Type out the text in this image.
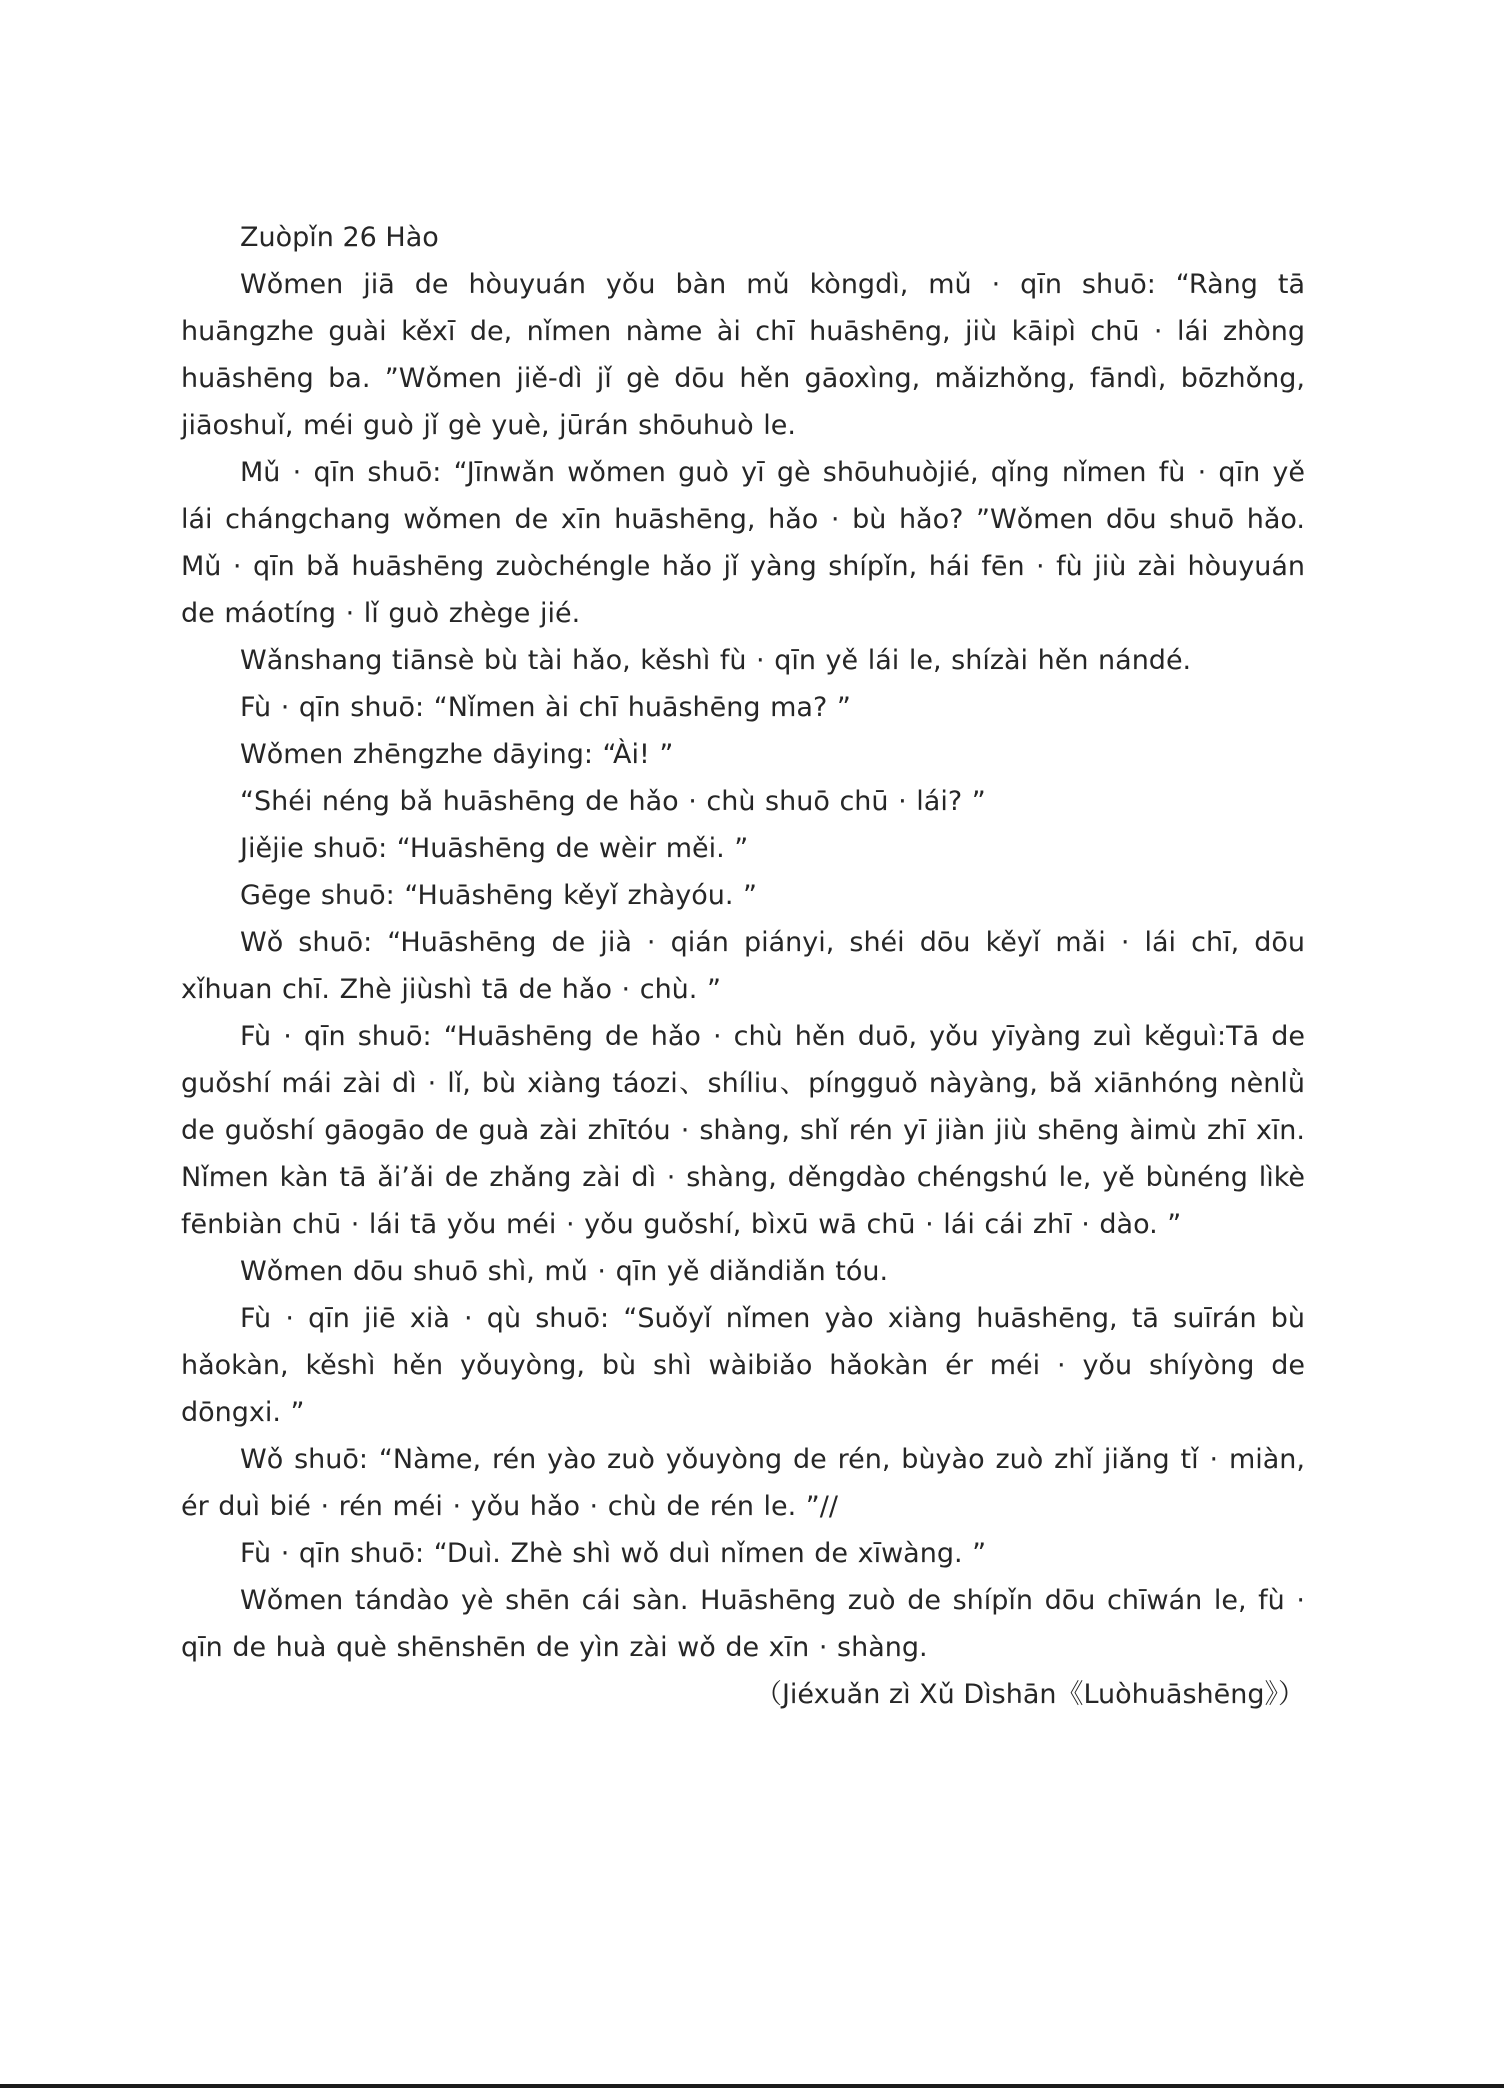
Zuòpǐn 26 Hào

Wǒmen jiā de hòuyuán yǒu bàn mǔ kòngdì, mǔ · qīn shuō: “Ràng tā huāngzhe guài kěxī de, nǐmen nàme ài chī huāshēng, jiù kāipì chū · lái zhòng huāshēng ba. ”Wǒmen jiě-dì jǐ gè dōu hěn gāoxìng, mǎizhǒng, fāndì, bōzhǒng, jiāoshuǐ, méi guò jǐ gè yuè, jūrán shōuhuò le.

Mǔ · qīn shuō: “Jīnwǎn wǒmen guò yī gè shōuhuòjié, qǐng nǐmen fù · qīn yě lái chángchang wǒmen de xīn huāshēng, hǎo · bù hǎo? ”Wǒmen dōu shuō hǎo. Mǔ · qīn bǎ huāshēng zuòchéngle hǎo jǐ yàng shípǐn, hái fēn · fù jiù zài hòuyuán de máotíng · lǐ guò zhège jié.

Wǎnshang tiānsè bù tài hǎo, kěshì fù · qīn yě lái le, shízài hěn nándé.

Fù · qīn shuō: “Nǐmen ài chī huāshēng ma? ”

Wǒmen zhēngzhe dāying: “Ài! ”

“Shéi néng bǎ huāshēng de hǎo · chù shuō chū · lái? ”

Jiějie shuō: “Huāshēng de wèir měi. ”

Gēge shuō: “Huāshēng kěyǐ zhàyóu. ”

Wǒ shuō: “Huāshēng de jià · qián piányi, shéi dōu kěyǐ mǎi · lái chī, dōu xǐhuan chī. Zhè jiùshì tā de hǎo · chù. ”

Fù · qīn shuō: “Huāshēng de hǎo · chù hěn duō, yǒu yīyàng zuì kěguì:Tā de guǒshí mái zài dì · lǐ, bù xiàng táozi、shíliu、píngguǒ nàyàng, bǎ xiānhóng nènlǜ de guǒshí gāogāo de guà zài zhītóu · shàng, shǐ rén yī jiàn jiù shēng àimù zhī xīn. Nǐmen kàn tā ǎi’ǎi de zhǎng zài dì · shàng, děngdào chéngshú le, yě bùnéng lìkè fēnbiàn chū · lái tā yǒu méi · yǒu guǒshí, bìxū wā chū · lái cái zhī · dào. ”

Wǒmen dōu shuō shì, mǔ · qīn yě diǎndiǎn tóu.

Fù · qīn jiē xià · qù shuō: “Suǒyǐ nǐmen yào xiàng huāshēng, tā suīrán bù hǎokàn, kěshì hěn yǒuyòng, bù shì wàibiǎo hǎokàn ér méi · yǒu shíyòng de dōngxi. ”

Wǒ shuō: “Nàme, rén yào zuò yǒuyòng de rén, bùyào zuò zhǐ jiǎng tǐ · miàn, ér duì bié · rén méi · yǒu hǎo · chù de rén le. ”//

Fù · qīn shuō: “Duì. Zhè shì wǒ duì nǐmen de xīwàng. ”

Wǒmen tándào yè shēn cái sàn. Huāshēng zuò de shípǐn dōu chīwán le, fù · qīn de huà què shēnshēn de yìn zài wǒ de xīn · shàng.

（Jiéxuǎn zì Xǔ Dìshān《Luòhuāshēng》）
